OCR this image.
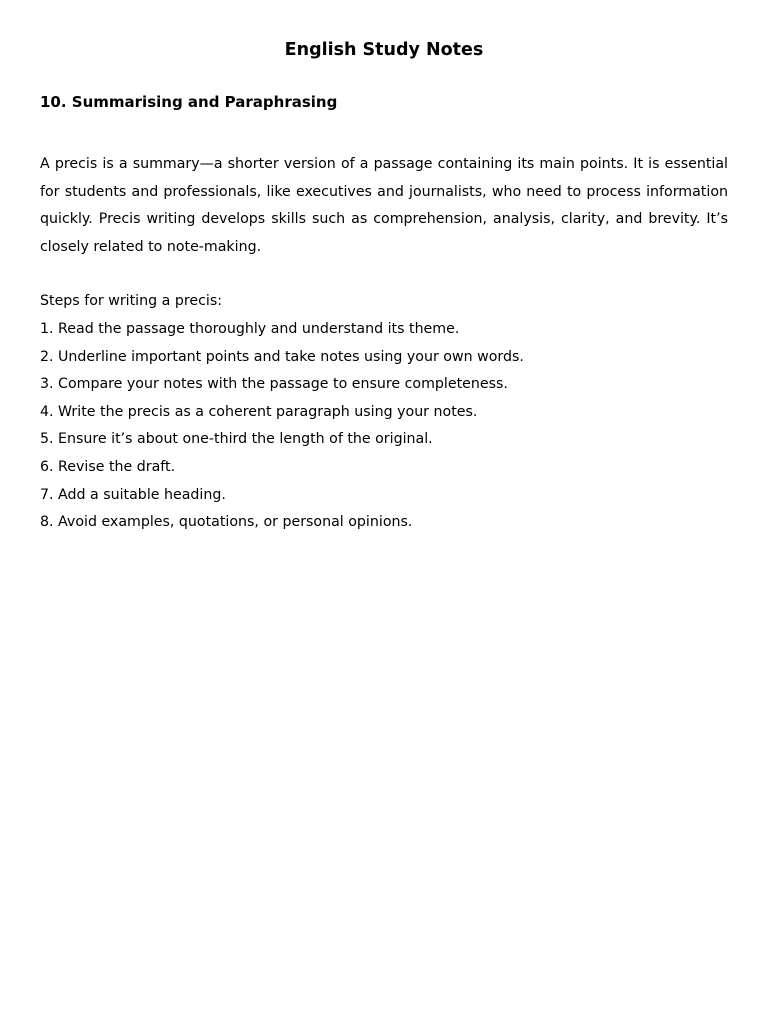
English Study Notes
10. Summarising and Paraphrasing

A precis is a summary—a shorter version of a passage containing its main points. It is essential for students and professionals, like executives and journalists, who need to process information quickly. Precis writing develops skills such as comprehension, analysis, clarity, and brevity. It’s closely related to note-making.

Steps for writing a precis:

1. Read the passage thoroughly and understand its theme.
2. Underline important points and take notes using your own words.
3. Compare your notes with the passage to ensure completeness.
4. Write the precis as a coherent paragraph using your notes.
5. Ensure it’s about one-third the length of the original.
6. Revise the draft.
7. Add a suitable heading.
8. Avoid examples, quotations, or personal opinions.
